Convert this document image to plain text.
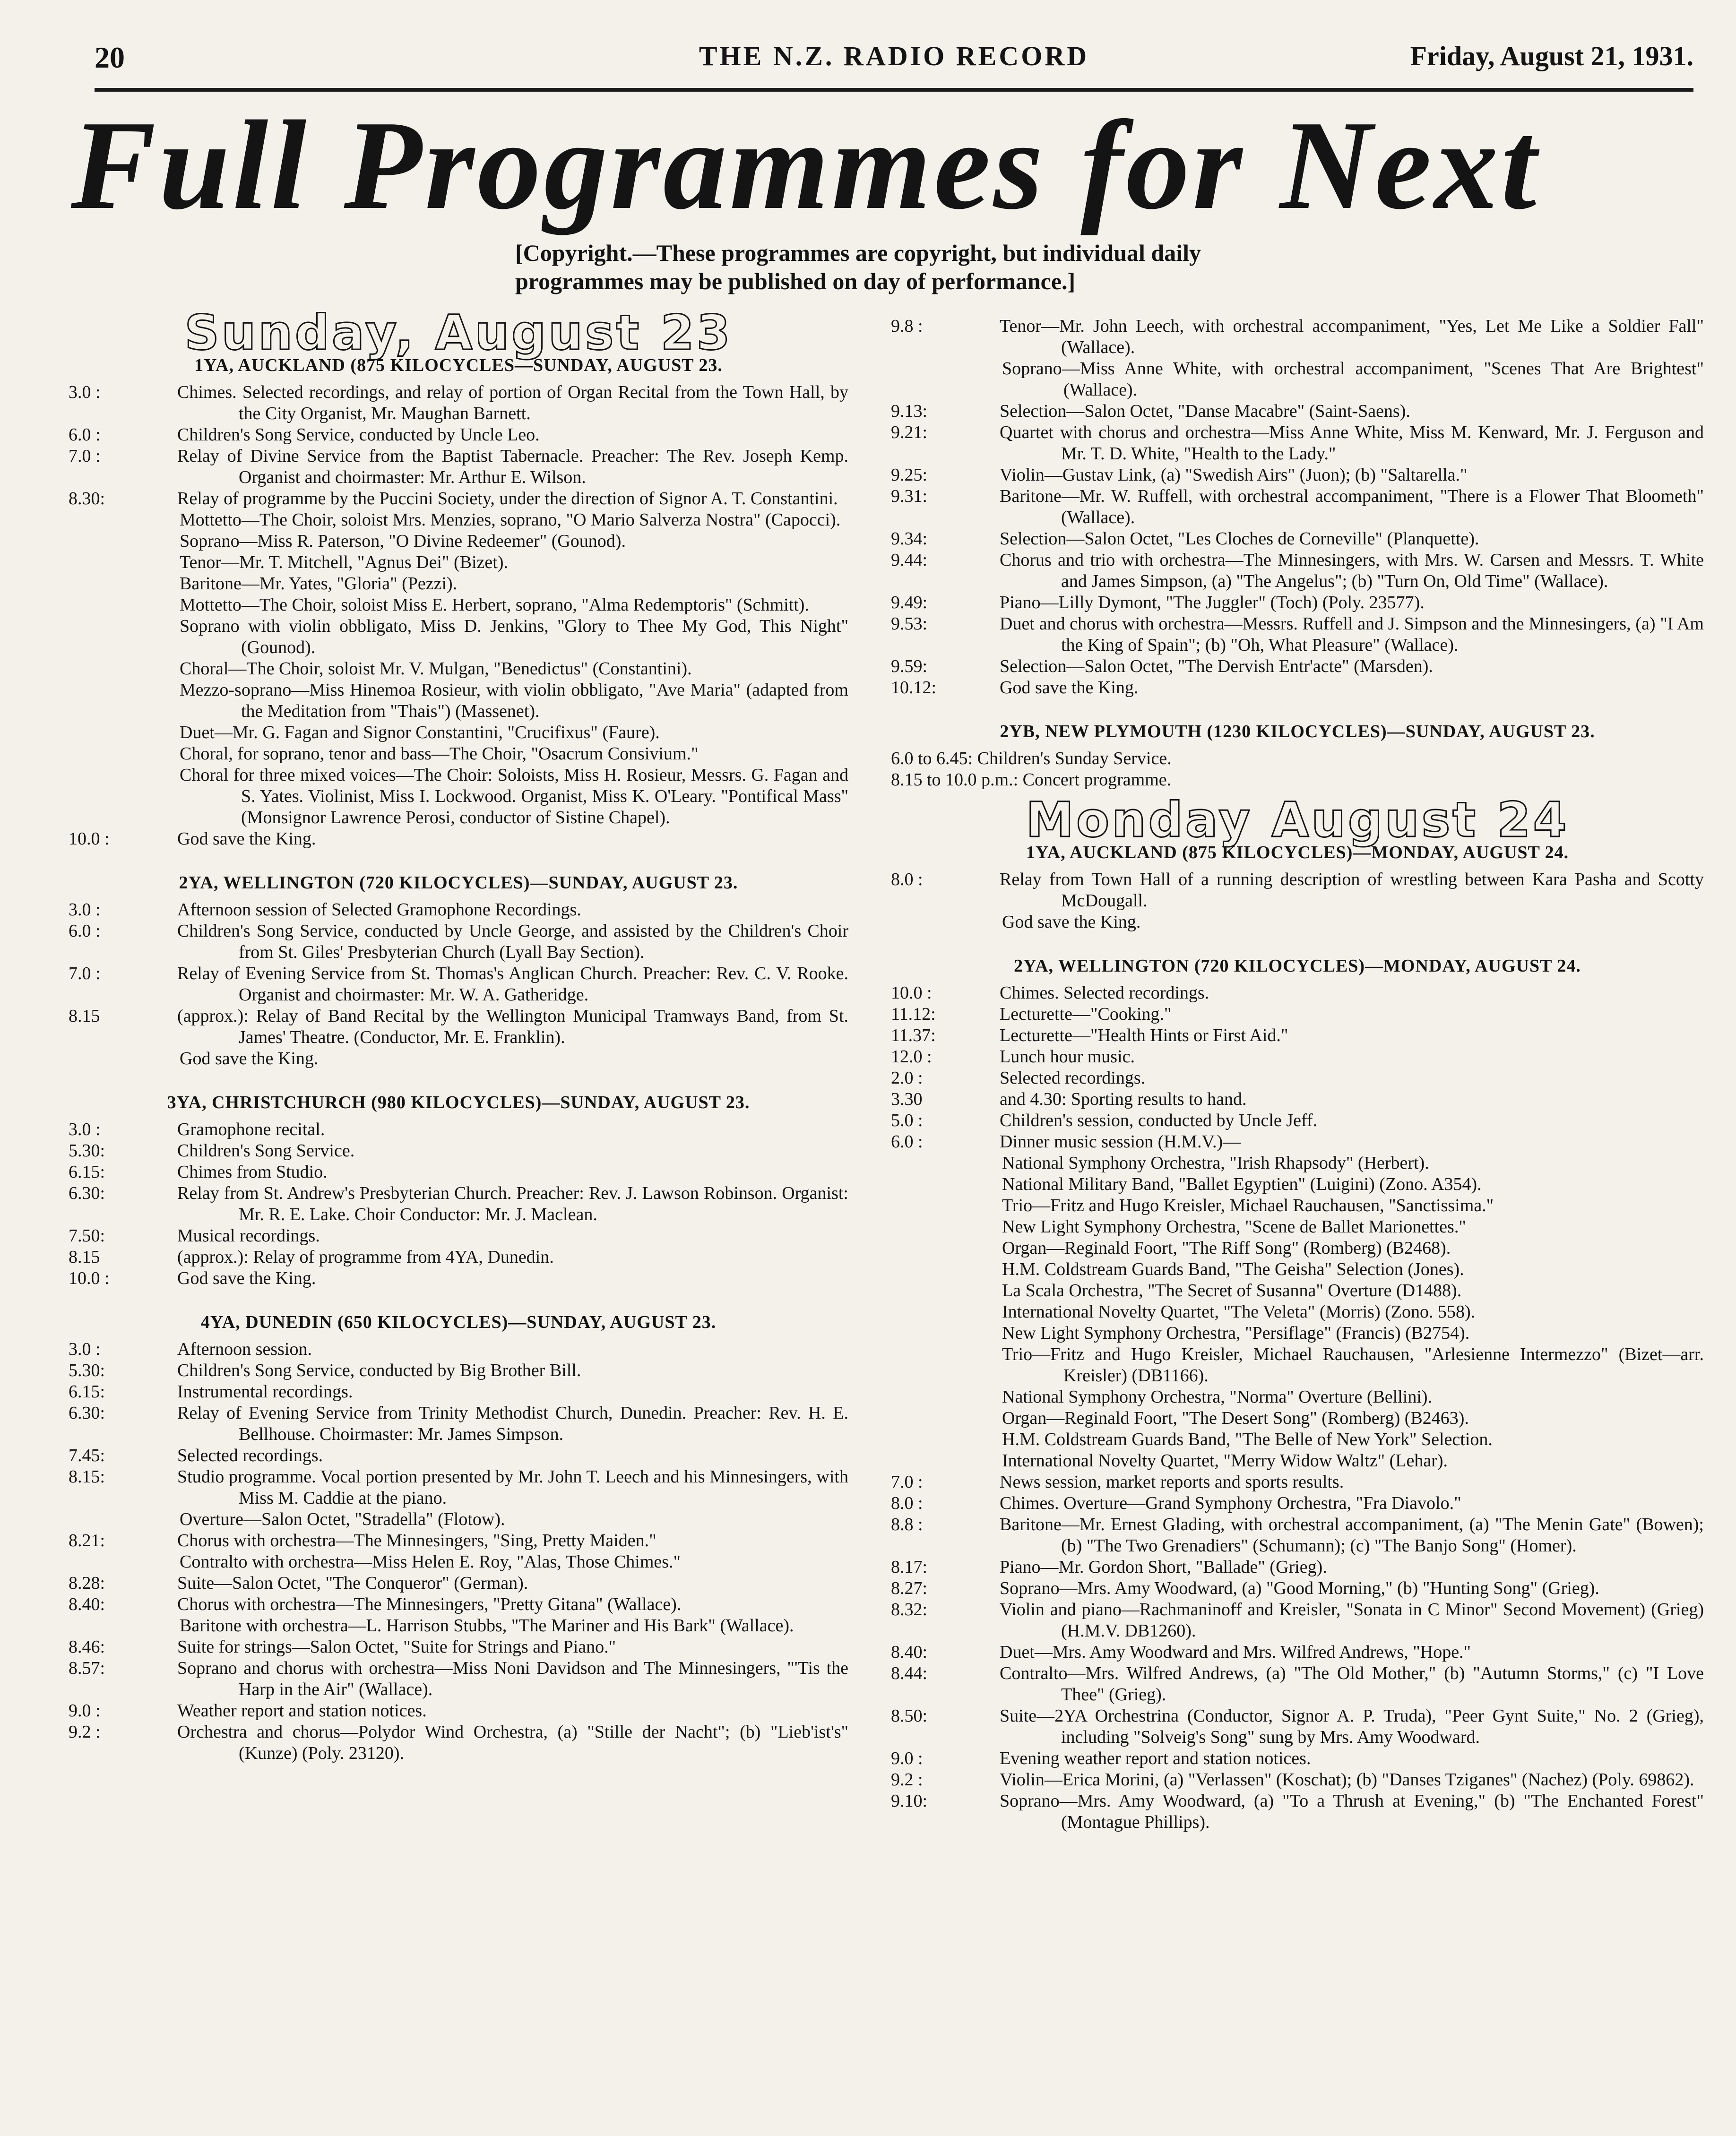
20	THE N.Z. RADIO RECORD	Friday, August 21, 1931.
Full Programmes for Next
[Copyright.—These programmes are copyright, but individual daily programmes may be published on day of performance.]
Sunday, August 23
1YA, AUCKLAND (875 KILOCYCLES—SUNDAY, AUGUST 23.
3.0 :	Chimes. Selected recordings, and relay of portion of Organ Recital from the Town Hall, by the City Organist, Mr. Maughan Barnett.
6.0 :	Children's Song Service, conducted by Uncle Leo.
7.0 :	Relay of Divine Service from the Baptist Tabernacle. Preacher: The Rev. Joseph Kemp. Organist and choirmaster: Mr. Arthur E. Wilson.
8.30:	Relay of programme by the Puccini Society, under the direction of Signor A. T. Constantini.
Mottetto—The Choir, soloist Mrs. Menzies, soprano, "O Mario Salverza Nostra" (Capocci).
Soprano—Miss R. Paterson, "O Divine Redeemer" (Gounod).
Tenor—Mr. T. Mitchell, "Agnus Dei" (Bizet).
Baritone—Mr. Yates, "Gloria" (Pezzi).
Mottetto—The Choir, soloist Miss E. Herbert, soprano, "Alma Redemptoris" (Schmitt).
Soprano with violin obbligato, Miss D. Jenkins, "Glory to Thee My God, This Night" (Gounod).
Choral—The Choir, soloist Mr. V. Mulgan, "Benedictus" (Constantini).
Mezzo-soprano—Miss Hinemoa Rosieur, with violin obbligato, "Ave Maria" (adapted from the Meditation from "Thais") (Massenet).
Duet—Mr. G. Fagan and Signor Constantini, "Crucifixus" (Faure).
Choral, for soprano, tenor and bass—The Choir, "Osacrum Consivium."
Choral for three mixed voices—The Choir: Soloists, Miss H. Rosieur, Messrs. G. Fagan and S. Yates. Violinist, Miss I. Lockwood. Organist, Miss K. O'Leary. "Pontifical Mass" (Monsignor Lawrence Perosi, conductor of Sistine Chapel).
10.0 :	God save the King.
2YA, WELLINGTON (720 KILOCYCLES)—SUNDAY, AUGUST 23.
3.0 :	Afternoon session of Selected Gramophone Recordings.
6.0 :	Children's Song Service, conducted by Uncle George, and assisted by the Children's Choir from St. Giles' Presbyterian Church (Lyall Bay Section).
7.0 :	Relay of Evening Service from St. Thomas's Anglican Church. Preacher: Rev. C. V. Rooke. Organist and choirmaster: Mr. W. A. Gatheridge.
8.15	(approx.): Relay of Band Recital by the Wellington Municipal Tramways Band, from St. James' Theatre. (Conductor, Mr. E. Franklin).
God save the King.
3YA, CHRISTCHURCH (980 KILOCYCLES)—SUNDAY, AUGUST 23.
3.0 :	Gramophone recital.
5.30:	Children's Song Service.
6.15:	Chimes from Studio.
6.30:	Relay from St. Andrew's Presbyterian Church. Preacher: Rev. J. Lawson Robinson. Organist: Mr. R. E. Lake. Choir Conductor: Mr. J. Maclean.
7.50:	Musical recordings.
8.15	(approx.): Relay of programme from 4YA, Dunedin.
10.0 :	God save the King.
4YA, DUNEDIN (650 KILOCYCLES)—SUNDAY, AUGUST 23.
3.0 :	Afternoon session.
5.30:	Children's Song Service, conducted by Big Brother Bill.
6.15:	Instrumental recordings.
6.30:	Relay of Evening Service from Trinity Methodist Church, Dunedin. Preacher: Rev. H. E. Bellhouse. Choirmaster: Mr. James Simpson.
7.45:	Selected recordings.
8.15:	Studio programme. Vocal portion presented by Mr. John T. Leech and his Minnesingers, with Miss M. Caddie at the piano.
Overture—Salon Octet, "Stradella" (Flotow).
8.21:	Chorus with orchestra—The Minnesingers, "Sing, Pretty Maiden."
Contralto with orchestra—Miss Helen E. Roy, "Alas, Those Chimes."
8.28:	Suite—Salon Octet, "The Conqueror" (German).
8.40:	Chorus with orchestra—The Minnesingers, "Pretty Gitana" (Wallace).
Baritone with orchestra—L. Harrison Stubbs, "The Mariner and His Bark" (Wallace).
8.46:	Suite for strings—Salon Octet, "Suite for Strings and Piano."
8.57:	Soprano and chorus with orchestra—Miss Noni Davidson and The Minnesingers, "'Tis the Harp in the Air" (Wallace).
9.0 :	Weather report and station notices.
9.2 :	Orchestra and chorus—Polydor Wind Orchestra, (a) "Stille der Nacht"; (b) "Lieb'ist's" (Kunze) (Poly. 23120).
9.8 :	Tenor—Mr. John Leech, with orchestral accompaniment, "Yes, Let Me Like a Soldier Fall" (Wallace).
Soprano—Miss Anne White, with orchestral accompaniment, "Scenes That Are Brightest" (Wallace).
9.13:	Selection—Salon Octet, "Danse Macabre" (Saint-Saens).
9.21:	Quartet with chorus and orchestra—Miss Anne White, Miss M. Kenward, Mr. J. Ferguson and Mr. T. D. White, "Health to the Lady."
9.25:	Violin—Gustav Link, (a) "Swedish Airs" (Juon); (b) "Saltarella."
9.31:	Baritone—Mr. W. Ruffell, with orchestral accompaniment, "There is a Flower That Bloometh" (Wallace).
9.34:	Selection—Salon Octet, "Les Cloches de Corneville" (Planquette).
9.44:	Chorus and trio with orchestra—The Minnesingers, with Mrs. W. Carsen and Messrs. T. White and James Simpson, (a) "The Angelus"; (b) "Turn On, Old Time" (Wallace).
9.49:	Piano—Lilly Dymont, "The Juggler" (Toch) (Poly. 23577).
9.53:	Duet and chorus with orchestra—Messrs. Ruffell and J. Simpson and the Minnesingers, (a) "I Am the King of Spain"; (b) "Oh, What Pleasure" (Wallace).
9.59:	Selection—Salon Octet, "The Dervish Entr'acte" (Marsden).
10.12:	God save the King.
2YB, NEW PLYMOUTH (1230 KILOCYCLES)—SUNDAY, AUGUST 23.
6.0 to 6.45: Children's Sunday Service.
8.15 to 10.0 p.m.: Concert programme.
Monday August 24
1YA, AUCKLAND (875 KILOCYCLES)—MONDAY, AUGUST 24.
8.0 :	Relay from Town Hall of a running description of wrestling between Kara Pasha and Scotty McDougall.
God save the King.
2YA, WELLINGTON (720 KILOCYCLES)—MONDAY, AUGUST 24.
10.0 :	Chimes. Selected recordings.
11.12:	Lecturette—"Cooking."
11.37:	Lecturette—"Health Hints or First Aid."
12.0 :	Lunch hour music.
2.0 :	Selected recordings.
3.30	and 4.30: Sporting results to hand.
5.0 :	Children's session, conducted by Uncle Jeff.
6.0 :	Dinner music session (H.M.V.)—
National Symphony Orchestra, "Irish Rhapsody" (Herbert).
National Military Band, "Ballet Egyptien" (Luigini) (Zono. A354).
Trio—Fritz and Hugo Kreisler, Michael Rauchausen, "Sanctissima."
New Light Symphony Orchestra, "Scene de Ballet Marionettes."
Organ—Reginald Foort, "The Riff Song" (Romberg) (B2468).
H.M. Coldstream Guards Band, "The Geisha" Selection (Jones).
La Scala Orchestra, "The Secret of Susanna" Overture (D1488).
International Novelty Quartet, "The Veleta" (Morris) (Zono. 558).
New Light Symphony Orchestra, "Persiflage" (Francis) (B2754).
Trio—Fritz and Hugo Kreisler, Michael Rauchausen, "Arlesienne Intermezzo" (Bizet—arr. Kreisler) (DB1166).
National Symphony Orchestra, "Norma" Overture (Bellini).
Organ—Reginald Foort, "The Desert Song" (Romberg) (B2463).
H.M. Coldstream Guards Band, "The Belle of New York" Selection.
International Novelty Quartet, "Merry Widow Waltz" (Lehar).
7.0 :	News session, market reports and sports results.
8.0 :	Chimes. Overture—Grand Symphony Orchestra, "Fra Diavolo."
8.8 :	Baritone—Mr. Ernest Glading, with orchestral accompaniment, (a) "The Menin Gate" (Bowen); (b) "The Two Grenadiers" (Schumann); (c) "The Banjo Song" (Homer).
8.17:	Piano—Mr. Gordon Short, "Ballade" (Grieg).
8.27:	Soprano—Mrs. Amy Woodward, (a) "Good Morning," (b) "Hunting Song" (Grieg).
8.32:	Violin and piano—Rachmaninoff and Kreisler, "Sonata in C Minor" Second Movement) (Grieg) (H.M.V. DB1260).
8.40:	Duet—Mrs. Amy Woodward and Mrs. Wilfred Andrews, "Hope."
8.44:	Contralto—Mrs. Wilfred Andrews, (a) "The Old Mother," (b) "Autumn Storms," (c) "I Love Thee" (Grieg).
8.50:	Suite—2YA Orchestrina (Conductor, Signor A. P. Truda), "Peer Gynt Suite," No. 2 (Grieg), including "Solveig's Song" sung by Mrs. Amy Woodward.
9.0 :	Evening weather report and station notices.
9.2 :	Violin—Erica Morini, (a) "Verlassen" (Koschat); (b) "Danses Tziganes" (Nachez) (Poly. 69862).
9.10:	Soprano—Mrs. Amy Woodward, (a) "To a Thrush at Evening," (b) "The Enchanted Forest" (Montague Phillips).
